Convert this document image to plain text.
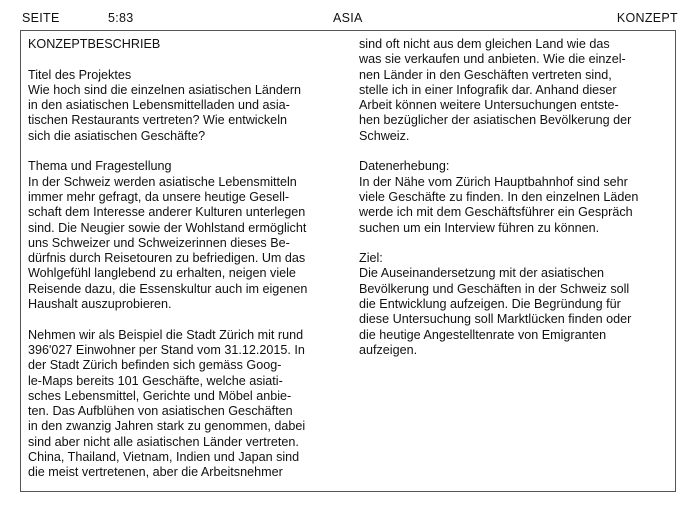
SEITE	5:83	ASIA	KONZEPT

KONZEPTBESCHRIEB

Titel des Projektes

Wie hoch sind die einzelnen asiatischen Ländern

in den asiatischen Lebensmittelladen und asia-

tischen Restaurants vertreten? Wie entwickeln

sich die asiatischen Geschäfte?

Thema und Fragestellung

In der Schweiz werden asiatische Lebensmitteln

immer mehr gefragt, da unsere heutige Gesell-

schaft dem Interesse anderer Kulturen unterlegen

sind. Die Neugier sowie der Wohlstand ermöglicht

uns Schweizer und Schweizerinnen dieses Be-

dürfnis durch Reisetouren zu befriedigen. Um das

Wohlgefühl langlebend zu erhalten, neigen viele

Reisende dazu, die Essenskultur auch im eigenen

Haushalt auszuprobieren.

Nehmen wir als Beispiel die Stadt Zürich mit rund

396'027 Einwohner per Stand vom 31.12.2015. In

der Stadt Zürich befinden sich gemäss Goog-

le-Maps bereits 101 Geschäfte, welche asiati-

sches Lebensmittel, Gerichte und Möbel anbie-

ten. Das Aufblühen von asiatischen Geschäften

in den zwanzig Jahren stark zu genommen, dabei

sind aber nicht alle asiatischen Länder vertreten.

China, Thailand, Vietnam, Indien und Japan sind

die meist vertretenen, aber die Arbeitsnehmer

sind oft nicht aus dem gleichen Land wie das

was sie verkaufen und anbieten. Wie die einzel-

nen Länder in den Geschäften vertreten sind,

stelle ich in einer Infografik dar. Anhand dieser

Arbeit können weitere Untersuchungen entste-

hen bezüglicher der asiatischen Bevölkerung der

Schweiz.

Datenerhebung:

In der Nähe vom Zürich Hauptbahnhof sind sehr

viele Geschäfte zu finden. In den einzelnen Läden

werde ich mit dem Geschäftsführer ein Gespräch

suchen um ein Interview führen zu können.

Ziel:

Die Auseinandersetzung mit der asiatischen

Bevölkerung und Geschäften in der Schweiz soll

die Entwicklung aufzeigen. Die Begründung für

diese Untersuchung soll Marktlücken finden oder

die heutige Angestelltenrate von Emigranten

aufzeigen.
